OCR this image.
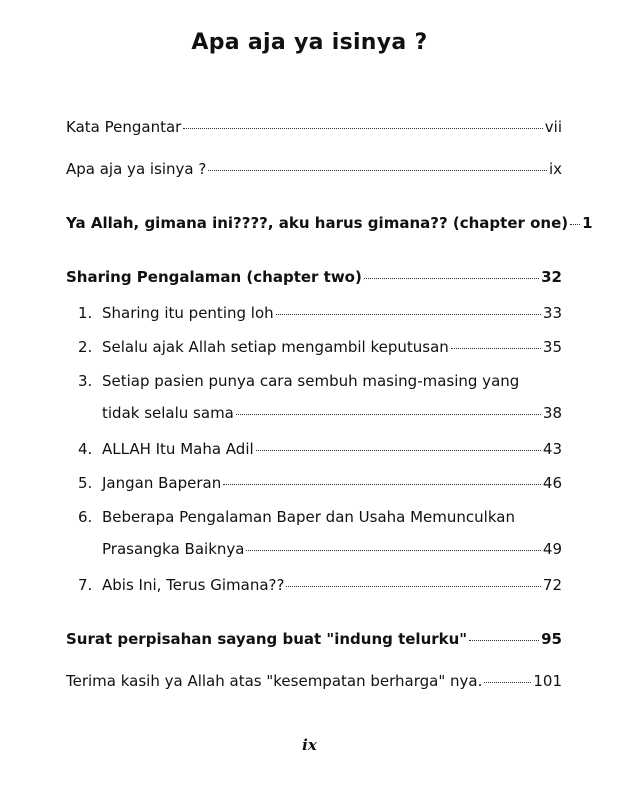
Apa aja ya isinya ?
Kata Pengantar	vii
Apa aja ya isinya ?	ix
Ya Allah, gimana ini????, aku harus gimana?? (chapter one) 1
Sharing Pengalaman (chapter two)	32
1. Sharing itu penting loh	33
2. Selalu ajak Allah setiap mengambil keputusan	35
3. Setiap pasien punya cara sembuh masing-masing yang
tidak selalu sama	38
4. ALLAH Itu Maha Adil	43
5. Jangan Baperan	46
6. Beberapa Pengalaman Baper dan Usaha Memunculkan
Prasangka Baiknya	49
7. Abis Ini, Terus Gimana??	72
Surat perpisahan sayang buat "indung telurku"	95
Terima kasih ya Allah atas "kesempatan berharga" nya.	101
ix
